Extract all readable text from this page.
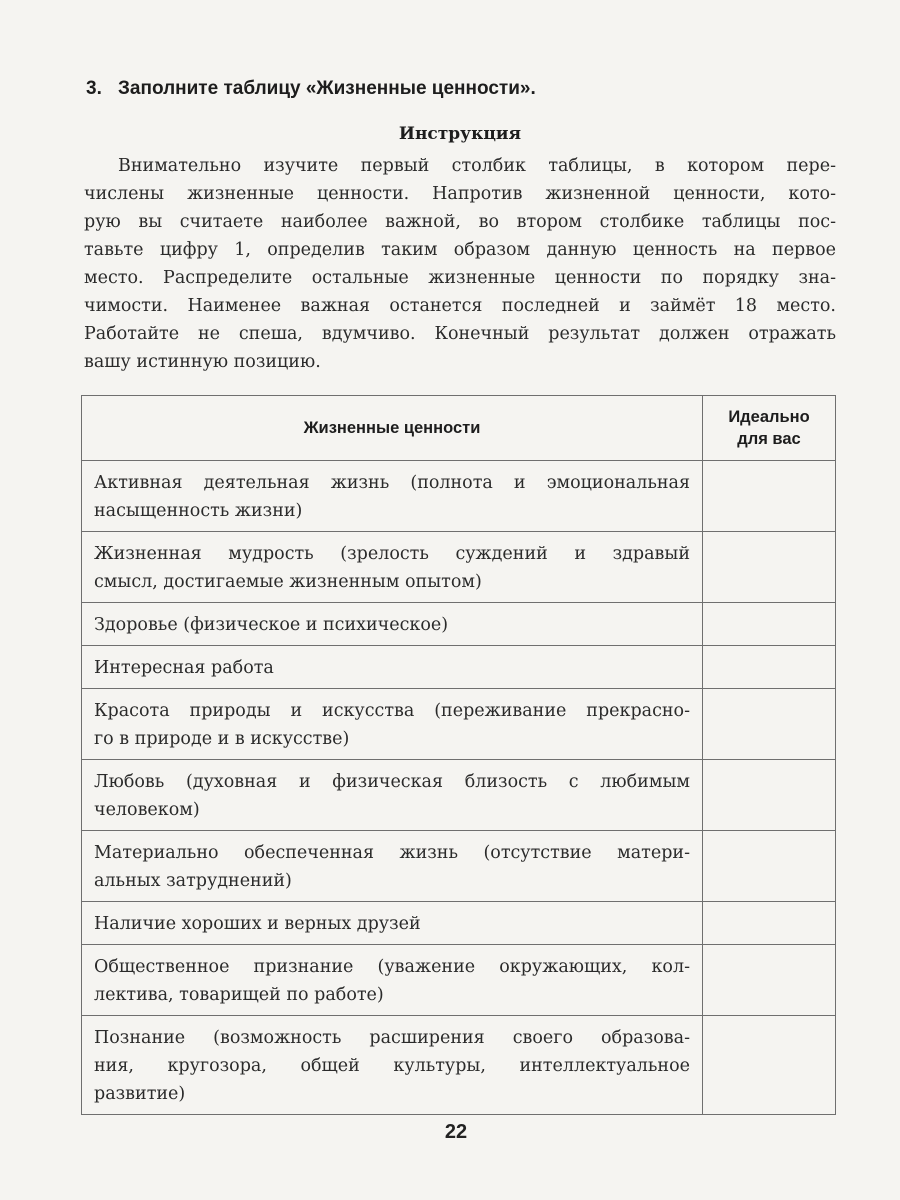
3. Заполните таблицу «Жизненные ценности».
Инструкция
Внимательно изучите первый столбик таблицы, в котором пере-
числены жизненные ценности. Напротив жизненной ценности, кото-
рую вы считаете наиболее важной, во втором столбике таблицы пос-
тавьте цифру 1, определив таким образом данную ценность на первое
место. Распределите остальные жизненные ценности по порядку зна-
чимости. Наименее важная останется последней и займёт 18 место.
Работайте не спеша, вдумчиво. Конечный результат должен отражать
вашу истинную позицию.
Жизненные ценности	Идеально
для вас

Активная деятельная жизнь (полнота и эмоциональная
насыщенность жизни)	

Жизненная мудрость (зрелость суждений и здравый
смысл, достигаемые жизненным опытом)	

Здоровье (физическое и психическое)	

Интересная работа	

Красота природы и искусства (переживание прекрасно-
го в природе и в искусстве)	

Любовь (духовная и физическая близость с любимым
человеком)	

Материально обеспеченная жизнь (отсутствие матери-
альных затруднений)	

Наличие хороших и верных друзей	

Общественное признание (уважение окружающих, кол-
лектива, товарищей по работе)	

Познание (возможность расширения своего образова-
ния, кругозора, общей культуры, интеллектуальное
развитие)	

22
